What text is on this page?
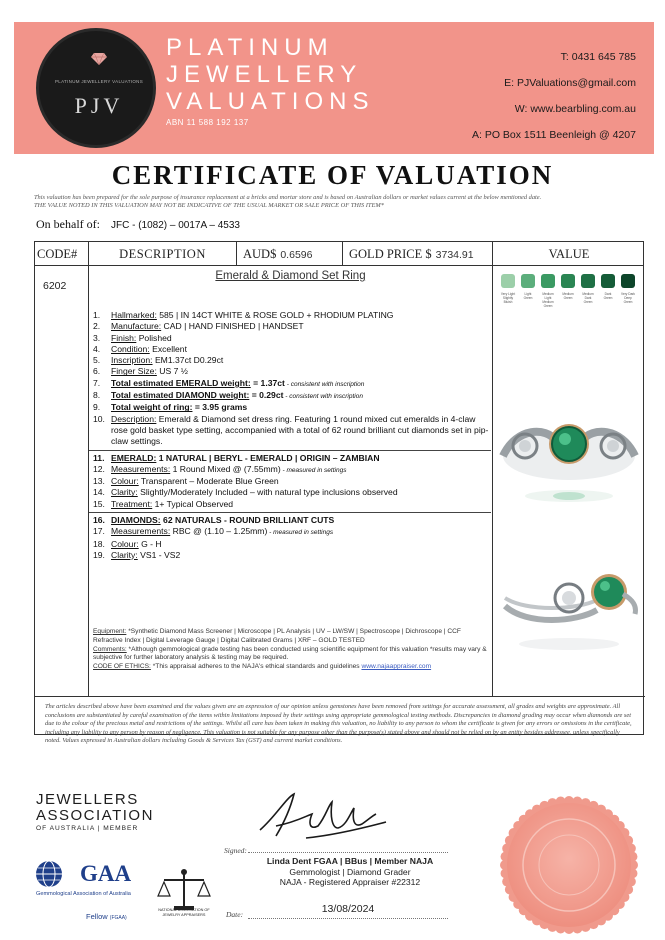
PLATINUM JEWELLERY VALUATIONS
PJV
PLATINUM
JEWELLERY
VALUATIONS
ABN 11 588 192 137
T: 0431 645 785
E: PJValuations@gmail.com
W: www.bearbling.com.au
A: PO Box 1511 Beenleigh @ 4207
CERTIFICATE OF VALUATION
This valuation has been prepared for the sole purpose of insurance replacement at a bricks and mortar store and is based on Australian dollars or market values current at the below mentioned date.
THE VALUE NOTED IN THIS VALUATION MAY NOT BE INDICATIVE OF THE USUAL MARKET OR SALE PRICE OF THIS ITEM*
On behalf of: JFC - (1082) – 0017A – 4533
CODE#	DESCRIPTION	AUD$ 0.6596	GOLD PRICE $ 3734.91	VALUE
6202
Emerald & Diamond Set Ring
1.	Hallmarked: 585 | IN 14CT WHITE & ROSE GOLD + RHODIUM PLATING
2.	Manufacture: CAD | HAND FINISHED | HANDSET
3.	Finish: Polished
4.	Condition: Excellent
5.	Inscription: EM1.37ct D0.29ct
6.	Finger Size: US 7 ½
7.	Total estimated EMERALD weight: = 1.37ct - consistent with inscription
8.	Total estimated DIAMOND weight: = 0.29ct - consistent with inscription
9.	Total weight of ring: = 3.95 grams
10. Description: Emerald & Diamond set dress ring. Featuring 1 round mixed cut emeralds in 4-claw rose gold basket type setting, accompanied with a total of 62 round brilliant cut diamonds set in pip-claw settings.
11. EMERALD: 1 NATURAL | BERYL - EMERALD | ORIGIN – ZAMBIAN
12. Measurements: 1 Round Mixed @ (7.55mm) - measured in settings
13. Colour: Transparent – Moderate Blue Green
14. Clarity: Slightly/Moderately Included – with natural type inclusions observed
15. Treatment: 1+ Typical Observed
16. DIAMONDS: 62 NATURALS - ROUND BRILLIANT CUTS
17. Measurements: RBC @ (1.10 – 1.25mm) - measured in settings
18. Colour: G - H
19. Clarity: VS1 - VS2
Equipment: *Synthetic Diamond Mass Screener | Microscope | PL Analysis | UV – LW/SW | Spectroscope | Dichroscope | CCF Refractive Index | Digital Leverage Gauge | Digital Calibrated Grams | XRF – GOLD TESTED
Comments: *Although gemmological grade testing has been conducted using scientific equipment for this valuation *results may vary & subjective for further laboratory analysis & testing may be required.
CODE OF ETHICS: *This appraisal adheres to the NAJA's ethical standards and guidelines www.najaappraiser.com
Very Light Slightly Bluish
Light Green
Medium Light Medium Green
Medium Green
Medium Dark Green
Dark Green
Very Dark Deep Green
The articles described above have been examined and the values given are an expression of our opinion unless gemstones have been removed from settings for accurate assessment, all grades and weights are approximate. All conclusions are substantiated by careful examination of the items within limitations imposed by their settings using appropriate gemmological testing methods. Discrepancies in diamond grading may occur when diamonds are set due to the colour of the precious metal and restrictions of the settings. Whilst all care has been taken in making this valuation, no liability to any person to whom the certificate is given for any errors or omissions in the certificate, including any liability to any person by reason of negligence. This valuation is not suitable for any purpose other than the purpose(s) stated above and should not be relied on by an entity besides addressee, unless specifically noted. Values expressed in Australian dollars including Goods & Services Tax (GST) and current market conditions.
JEWELLERS
ASSOCIATION
OF AUSTRALIA | MEMBER
GAA
Gemmological Association of Australia
Fellow (FGAA)
NATIONAL ASSOCIATION OF JEWELRY APPRAISERS
Signed:
Linda Dent FGAA | BBus | Member NAJA
Gemmologist | Diamond Grader
NAJA - Registered Appraiser #22312
Date:	13/08/2024
